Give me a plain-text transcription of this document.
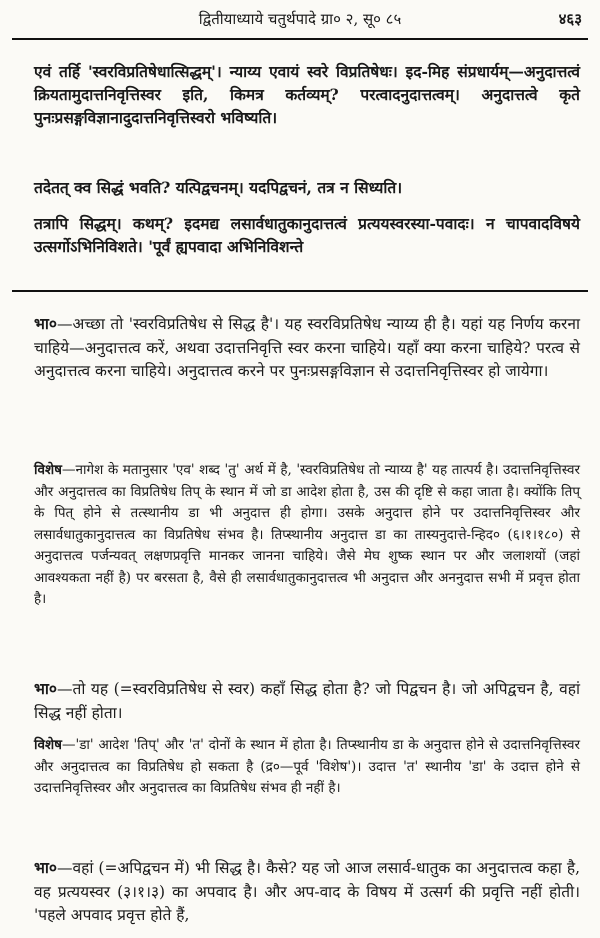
द्वितीयाध्याये चतुर्थपादे ग्रा० २, सू० ८५	४६३

एवं तर्हि 'स्वरविप्रतिषेधात्सिद्धम्'। न्याय्य एवायं स्वरे विप्रतिषेधः। इद-मिह संप्रधार्यम्—अनुदात्तत्वं क्रियतामुदात्तनिवृत्तिस्वर इति, किमत्र कर्तव्यम्? परत्वादनुदात्तत्वम्। अनुदात्तत्वे कृते पुनःप्रसङ्गविज्ञानादुदात्तनिवृत्तिस्वरो भविष्यति।

तदेतत् क्व सिद्धं भवति? यत्पिद्वचनम्। यदपिद्वचनं, तत्र न सिध्यति।

तत्रापि सिद्धम्। कथम्? इदमद्य लसार्वधातुकानुदात्तत्वं प्रत्ययस्वरस्या-पवादः। न चापवादविषये उत्सर्गोऽभिनिविशते। 'पूर्वं ह्यपवादा अभिनिविशन्ते

भा०—अच्छा तो 'स्वरविप्रतिषेध से सिद्ध है'। यह स्वरविप्रतिषेध न्याय्य ही है। यहां यह निर्णय करना चाहिये—अनुदात्तत्व करें, अथवा उदात्तनिवृत्ति स्वर करना चाहिये। यहाँ क्या करना चाहिये? परत्व से अनुदात्तत्व करना चाहिये। अनुदात्तत्व करने पर पुनःप्रसङ्गविज्ञान से उदात्तनिवृत्तिस्वर हो जायेगा।

विशेष—नागेश के मतानुसार 'एव' शब्द 'तु' अर्थ में है, 'स्वरविप्रतिषेध तो न्याय्य है' यह तात्पर्य है। उदात्तनिवृत्तिस्वर और अनुदात्तत्व का विप्रतिषेध तिप् के स्थान में जो डा आदेश होता है, उस की दृष्टि से कहा जाता है। क्योंकि तिप् के पित् होने से तत्स्थानीय डा भी अनुदात्त ही होगा। उसके अनुदात्त होने पर उदात्तनिवृत्तिस्वर और लसार्वधातुकानुदात्तत्व का विप्रतिषेध संभव है। तिप्स्थानीय अनुदात्त डा का तास्यनुदात्ते-न्हिद० (६।१।१८०) से अनुदात्तत्व पर्जन्यवत् लक्षणप्रवृत्ति मानकर जानना चाहिये। जैसे मेघ शुष्क स्थान पर और जलाशयों (जहां आवश्यकता नहीं है) पर बरसता है, वैसे ही लसार्वधातुकानुदात्तत्व भी अनुदात्त और अननुदात्त सभी में प्रवृत्त होता है।

भा०—तो यह (=स्वरविप्रतिषेध से स्वर) कहाँ सिद्ध होता है? जो पिद्वचन है। जो अपिद्वचन है, वहां सिद्ध नहीं होता।

विशेष—'डा' आदेश 'तिप्' और 'त' दोनों के स्थान में होता है। तिप्स्थानीय डा के अनुदात्त होने से उदात्तनिवृत्तिस्वर और अनुदात्तत्व का विप्रतिषेध हो सकता है (द्र०—पूर्व 'विशेष')। उदात्त 'त' स्थानीय 'डा' के उदात्त होने से उदात्तनिवृत्तिस्वर और अनुदात्तत्व का विप्रतिषेध संभव ही नहीं है।

भा०—वहां (=अपिद्वचन में) भी सिद्ध है। कैसे? यह जो आज लसार्व-धातुक का अनुदात्तत्व कहा है, वह प्रत्ययस्वर (३।१।३) का अपवाद है। और अप-वाद के विषय में उत्सर्ग की प्रवृत्ति नहीं होती। 'पहले अपवाद प्रवृत्त होते हैं,
